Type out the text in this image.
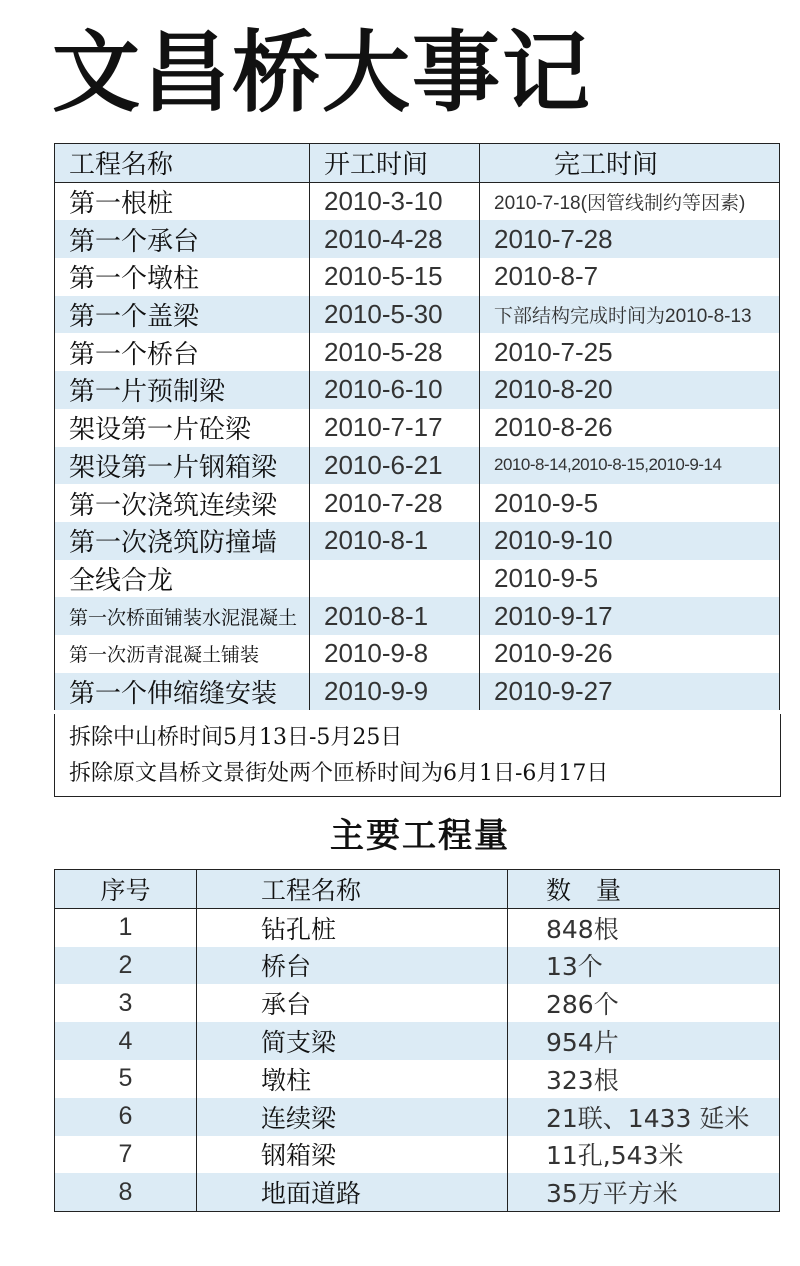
文昌桥大事记
工程名称	开工时间	完工时间
第一根桩	2010-3-10	2010-7-18(因管线制约等因素)
第一个承台	2010-4-28	2010-7-28
第一个墩柱	2010-5-15	2010-8-7
第一个盖梁	2010-5-30	下部结构完成时间为2010-8-13
第一个桥台	2010-5-28	2010-7-25
第一片预制梁	2010-6-10	2010-8-20
架设第一片砼梁	2010-7-17	2010-8-26
架设第一片钢箱梁	2010-6-21	2010-8-14,2010-8-15,2010-9-14
第一次浇筑连续梁	2010-7-28	2010-9-5
第一次浇筑防撞墙	2010-8-1	2010-9-10
全线合龙		2010-9-5
第一次桥面铺装水泥混凝土	2010-8-1	2010-9-17
第一次沥青混凝土铺装	2010-9-8	2010-9-26
第一个伸缩缝安装	2010-9-9	2010-9-27
拆除中山桥时间5月13日-5月25日
拆除原文昌桥文景街处两个匝桥时间为6月1日-6月17日
主要工程量
序号	工程名称	数　量
1	钻孔桩	848根
2	桥台	13个
3	承台	286个
4	简支梁	954片
5	墩柱	323根
6	连续梁	21联、1433 延米
7	钢箱梁	11孔,543米
8	地面道路	35万平方米
